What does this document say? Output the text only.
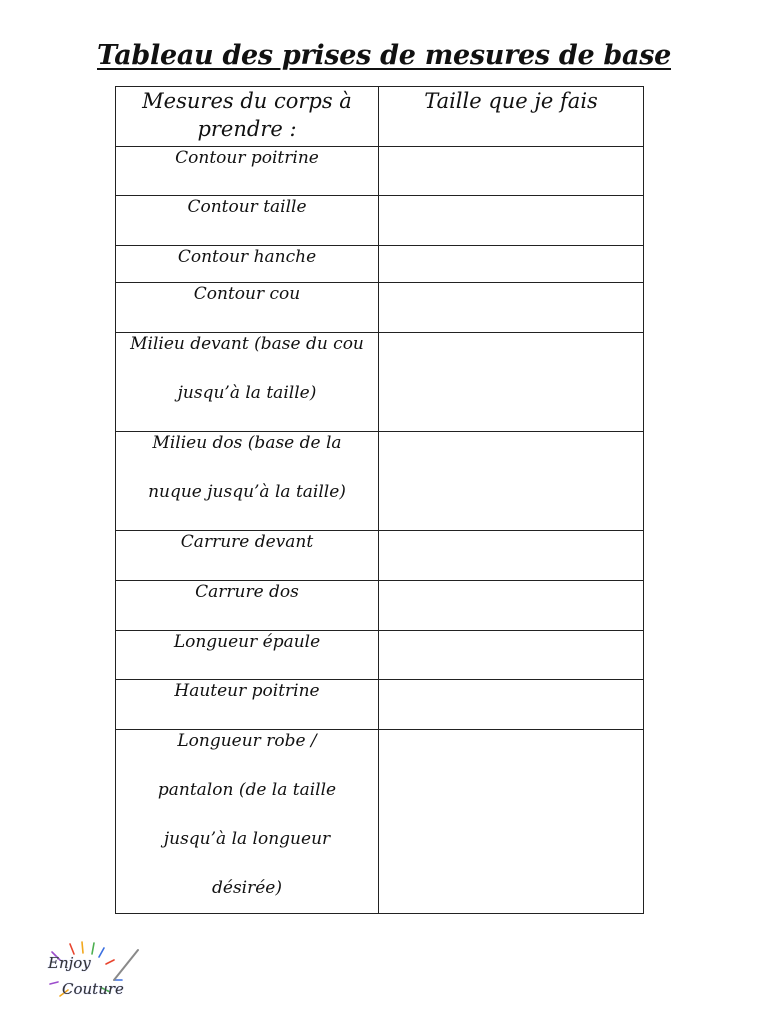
Tableau des prises de mesures de base
Mesures du corps à prendre :	Taille que je fais

Contour poitrine	

Contour taille	

Contour hanche	

Contour cou	

Milieu devant (base du cou jusqu’à la taille)	

Milieu dos (base de la nuque jusqu’à la taille)	

Carrure devant	

Carrure dos	

Longueur épaule	

Hauteur poitrine	

Longueur robe / pantalon (de la taille jusqu’à la longueur désirée)	

Enjoy
Couture
